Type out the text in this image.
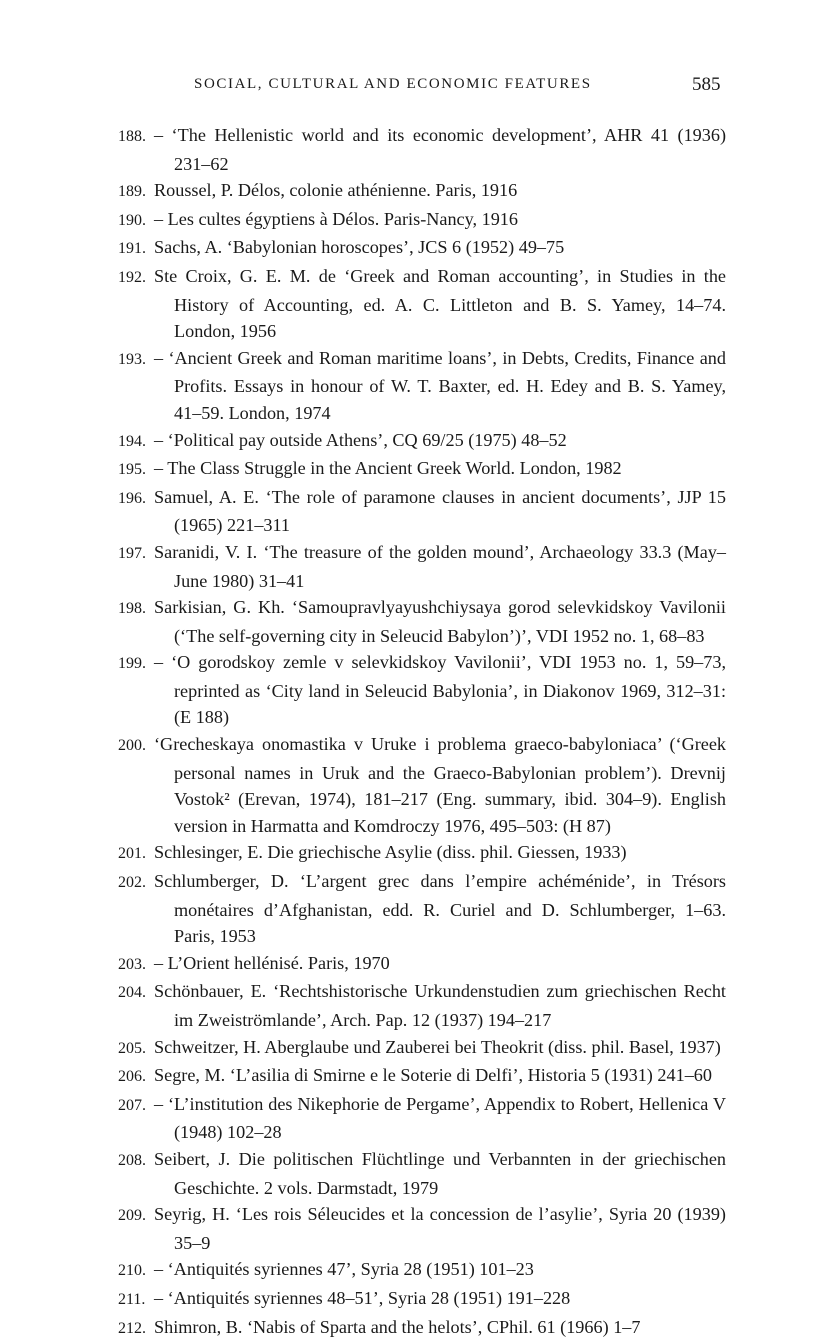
SOCIAL, CULTURAL AND ECONOMIC FEATURES	585
188. – ‘The Hellenistic world and its economic development’, AHR 41 (1936) 231–62
189. Roussel, P. Délos, colonie athénienne. Paris, 1916
190. – Les cultes égyptiens à Délos. Paris-Nancy, 1916
191. Sachs, A. ‘Babylonian horoscopes’, JCS 6 (1952) 49–75
192. Ste Croix, G. E. M. de ‘Greek and Roman accounting’, in Studies in the History of Accounting, ed. A. C. Littleton and B. S. Yamey, 14–74. London, 1956
193. – ‘Ancient Greek and Roman maritime loans’, in Debts, Credits, Finance and Profits. Essays in honour of W. T. Baxter, ed. H. Edey and B. S. Yamey, 41–59. London, 1974
194. – ‘Political pay outside Athens’, CQ 69/25 (1975) 48–52
195. – The Class Struggle in the Ancient Greek World. London, 1982
196. Samuel, A. E. ‘The role of paramone clauses in ancient documents’, JJP 15 (1965) 221–311
197. Saranidi, V. I. ‘The treasure of the golden mound’, Archaeology 33.3 (May–June 1980) 31–41
198. Sarkisian, G. Kh. ‘Samoupravlyayushchiysaya gorod selevkidskoy Vavilonii (‘The self-governing city in Seleucid Babylon’)’, VDI 1952 no. 1, 68–83
199. – ‘O gorodskoy zemle v selevkidskoy Vavilonii’, VDI 1953 no. 1, 59–73, reprinted as ‘City land in Seleucid Babylonia’, in Diakonov 1969, 312–31: (E 188)
200. ‘Grecheskaya onomastika v Uruke i problema graeco-babyloniaca’ (‘Greek personal names in Uruk and the Graeco-Babylonian problem’). Drevnij Vostok² (Erevan, 1974), 181–217 (Eng. summary, ibid. 304–9). English version in Harmatta and Komdroczy 1976, 495–503: (H 87)
201. Schlesinger, E. Die griechische Asylie (diss. phil. Giessen, 1933)
202. Schlumberger, D. ‘L’argent grec dans l’empire achéménide’, in Trésors monétaires d’Afghanistan, edd. R. Curiel and D. Schlumberger, 1–63. Paris, 1953
203. – L’Orient hellénisé. Paris, 1970
204. Schönbauer, E. ‘Rechtshistorische Urkundenstudien zum griechischen Recht im Zweiströmlande’, Arch. Pap. 12 (1937) 194–217
205. Schweitzer, H. Aberglaube und Zauberei bei Theokrit (diss. phil. Basel, 1937)
206. Segre, M. ‘L’asilia di Smirne e le Soterie di Delfi’, Historia 5 (1931) 241–60
207. – ‘L’institution des Nikephorie de Pergame’, Appendix to Robert, Hellenica V (1948) 102–28
208. Seibert, J. Die politischen Flüchtlinge und Verbannten in der griechischen Geschichte. 2 vols. Darmstadt, 1979
209. Seyrig, H. ‘Les rois Séleucides et la concession de l’asylie’, Syria 20 (1939) 35–9
210. – ‘Antiquités syriennes 47’, Syria 28 (1951) 101–23
211. – ‘Antiquités syriennes 48–51’, Syria 28 (1951) 191–228
212. Shimron, B. ‘Nabis of Sparta and the helots’, CPhil. 61 (1966) 1–7
